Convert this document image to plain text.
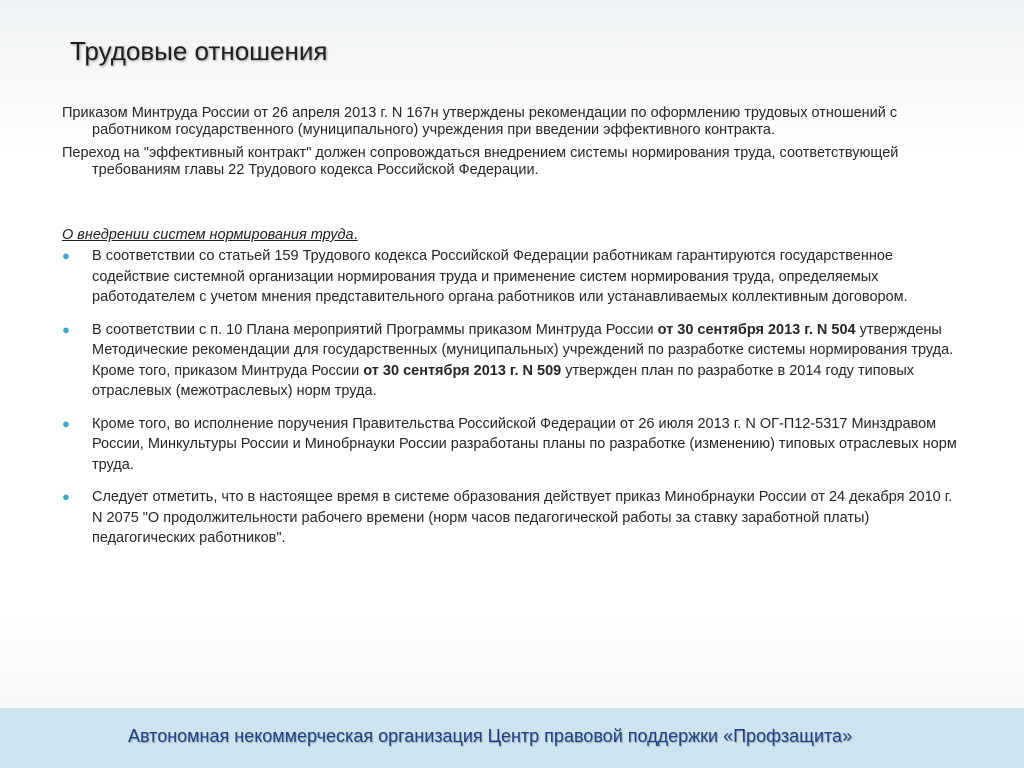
Трудовые отношения

Приказом Минтруда России от 26 апреля 2013 г. N 167н утверждены рекомендации по оформлению трудовых отношений с работником государственного (муниципального) учреждения при введении эффективного контракта.

Переход на "эффективный контракт" должен сопровождаться внедрением системы нормирования труда, соответствующей требованиям главы 22 Трудового кодекса Российской Федерации.

О внедрении систем нормирования труда.
● В соответствии со статьей 159 Трудового кодекса Российской Федерации работникам гарантируются государственное содействие системной организации нормирования труда и применение систем нормирования труда, определяемых работодателем с учетом мнения представительного органа работников или устанавливаемых коллективным договором.
● В соответствии с п. 10 Плана мероприятий Программы приказом Минтруда России от 30 сентября 2013 г. N 504 утверждены Методические рекомендации для государственных (муниципальных) учреждений по разработке системы нормирования труда. Кроме того, приказом Минтруда России от 30 сентября 2013 г. N 509 утвержден план по разработке в 2014 году типовых отраслевых (межотраслевых) норм труда.
● Кроме того, во исполнение поручения Правительства Российской Федерации от 26 июля 2013 г. N ОГ-П12-5317 Минздравом России, Минкультуры России и Минобрнауки России разработаны планы по разработке (изменению) типовых отраслевых норм труда.
● Следует отметить, что в настоящее время в системе образования действует приказ Минобрнауки России от 24 декабря 2010 г. N 2075 "О продолжительности рабочего времени (норм часов педагогической работы за ставку заработной платы) педагогических работников".
Автономная некоммерческая организация Центр правовой поддержки «Профзащита»
